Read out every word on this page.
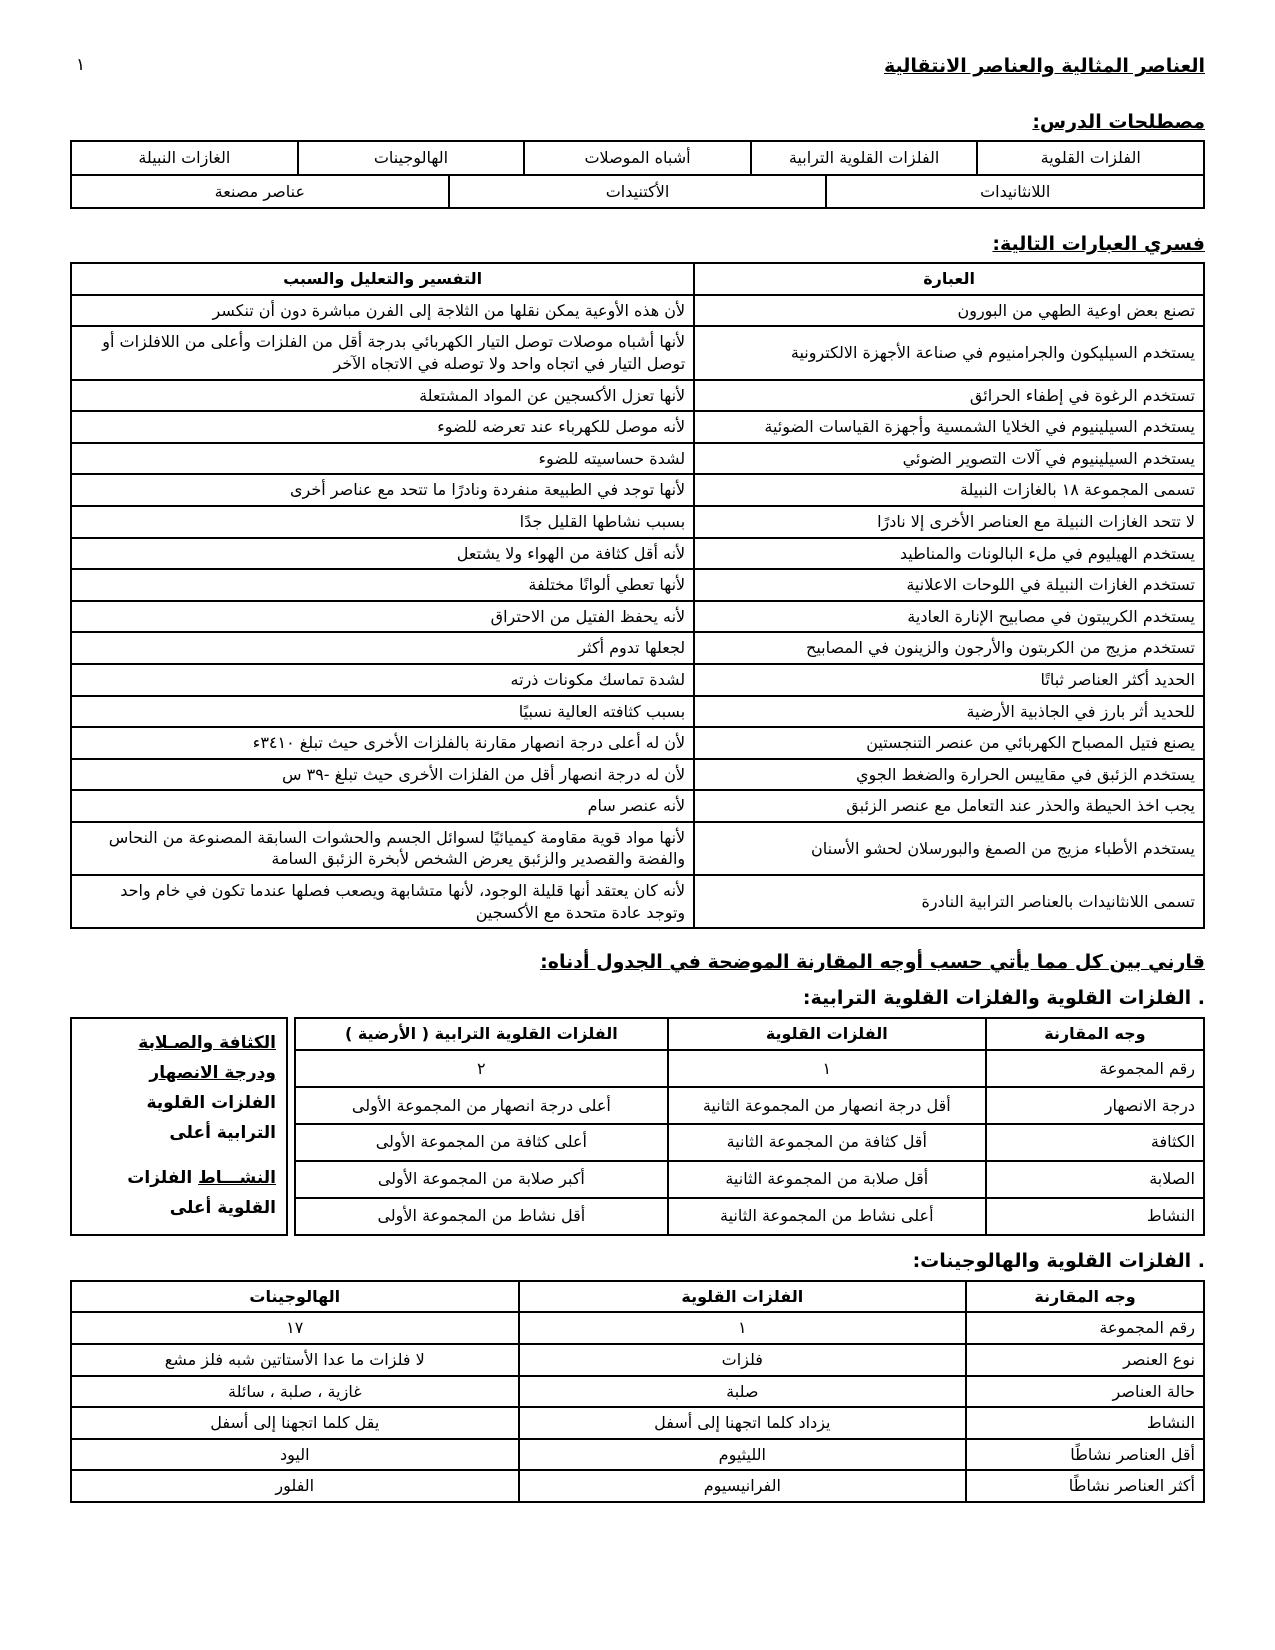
العناصر المثالية والعناصر الانتقالية
١
مصطلحات الدرس:
الفلزات القلوية	الفلزات القلوية الترابية		أشباه الموصلات	الهالوجينات		الغازات النبيلة
اللانثانيدات		الأكتنيدات			عناصر مصنعة	
فسري العبارات التالية:
العبارة	التفسير والتعليل والسبب
تصنع بعض اوعية الطهي من البورون	لأن هذه الأوعية يمكن نقلها من الثلاجة إلى الفرن مباشرة دون أن تنكسر
يستخدم السيليكون والجرامنيوم في صناعة الأجهزة الالكترونية	لأنها أشباه موصلات توصل التيار الكهربائي بدرجة أقل من الفلزات وأعلى من اللافلزات أو توصل التيار في اتجاه واحد ولا توصله في الاتجاه الآخر
تستخدم الرغوة في إطفاء الحرائق	لأنها تعزل الأكسجين عن المواد المشتعلة
يستخدم السيلينيوم في الخلايا الشمسية وأجهزة القياسات الضوئية	لأنه موصل للكهرباء عند تعرضه للضوء
يستخدم السيلينيوم في آلات التصوير الضوئي	لشدة حساسيته للضوء
تسمى المجموعة ١٨ بالغازات النبيلة	لأنها توجد في الطبيعة منفردة ونادرًا ما تتحد مع عناصر أخرى
لا تتحد الغازات النبيلة مع العناصر الأخرى إلا نادرًا	بسبب نشاطها القليل جدًا
يستخدم الهيليوم في ملء البالونات والمناطيد	لأنه أقل كثافة من الهواء ولا يشتعل
تستخدم الغازات النبيلة في اللوحات الاعلانية	لأنها تعطي ألوانًا مختلفة
يستخدم الكريبتون في مصابيح الإنارة العادية	لأنه يحفظ الفتيل من الاحتراق
تستخدم مزيج من الكربتون والأرجون والزينون في المصابيح	لجعلها تدوم أكثر
الحديد أكثر العناصر ثباتًا	لشدة تماسك مكونات ذرته
للحديد أثر بارز في الجاذبية الأرضية	بسبب كثافته العالية نسبيًا
يصنع فتيل المصباح الكهربائي من عنصر التنجستين	لأن له أعلى درجة انصهار مقارنة بالفلزات الأخرى حيث تبلغ ٣٤١٠ء
يستخدم الزئبق في مقاييس الحرارة والضغط الجوي	لأن له درجة انصهار أقل من الفلزات الأخرى حيث تبلغ -٣٩ س
يجب اخذ الحيطة والحذر عند التعامل مع عنصر الزئبق	لأنه عنصر سام
يستخدم الأطباء مزيج من الصمغ والبورسلان لحشو الأسنان	لأنها مواد قوية مقاومة كيميائيًا لسوائل الجسم والحشوات السابقة المصنوعة من النحاس والفضة والقصدير والزئبق يعرض الشخص لأبخرة الزئبق السامة
تسمى اللانثانيدات بالعناصر الترابية النادرة	لأنه كان يعتقد أنها قليلة الوجود، لأنها متشابهة ويصعب فصلها عندما تكون في خام واحد وتوجد عادة متحدة مع الأكسجين
قارني بين كل مما يأتي حسب أوجه المقارنة الموضحة في الجدول أدناه:
. الفلزات القلوية والفلزات القلوية الترابية:
وجه المقارنة	الفلزات القلوية	الفلزات القلوية الترابية ( الأرضية )
رقم المجموعة	١	٢
درجة الانصهار	أقل درجة انصهار من المجموعة الثانية	أعلى درجة انصهار من المجموعة الأولى
الكثافة	أقل كثافة من المجموعة الثانية	أعلى كثافة من المجموعة الأولى
الصلابة	أقل صلابة من المجموعة الثانية	أكبر صلابة من المجموعة الأولى
النشاط	أعلى نشاط من المجموعة الثانية	أقل نشاط من المجموعة الأولى
الكثافة والصـلابة ودرجة الانصهار الفلزات القلوية الترابية أعلى
النشـــاط الفلزات القلوية أعلى
. الفلزات القلوية والهالوجينات:
وجه المقارنة	الفلزات القلوية	الهالوجينات
رقم المجموعة	١	١٧
نوع العنصر	فلزات	لا فلزات ما عدا الأستاتين شبه فلز مشع
حالة العناصر	صلبة	غازية ، صلبة ، سائلة
النشاط	يزداد كلما اتجهنا إلى أسفل	يقل كلما اتجهنا إلى أسفل
أقل العناصر نشاطًا	الليثيوم	اليود
أكثر العناصر نشاطًا	الفرانيسيوم	الفلور
